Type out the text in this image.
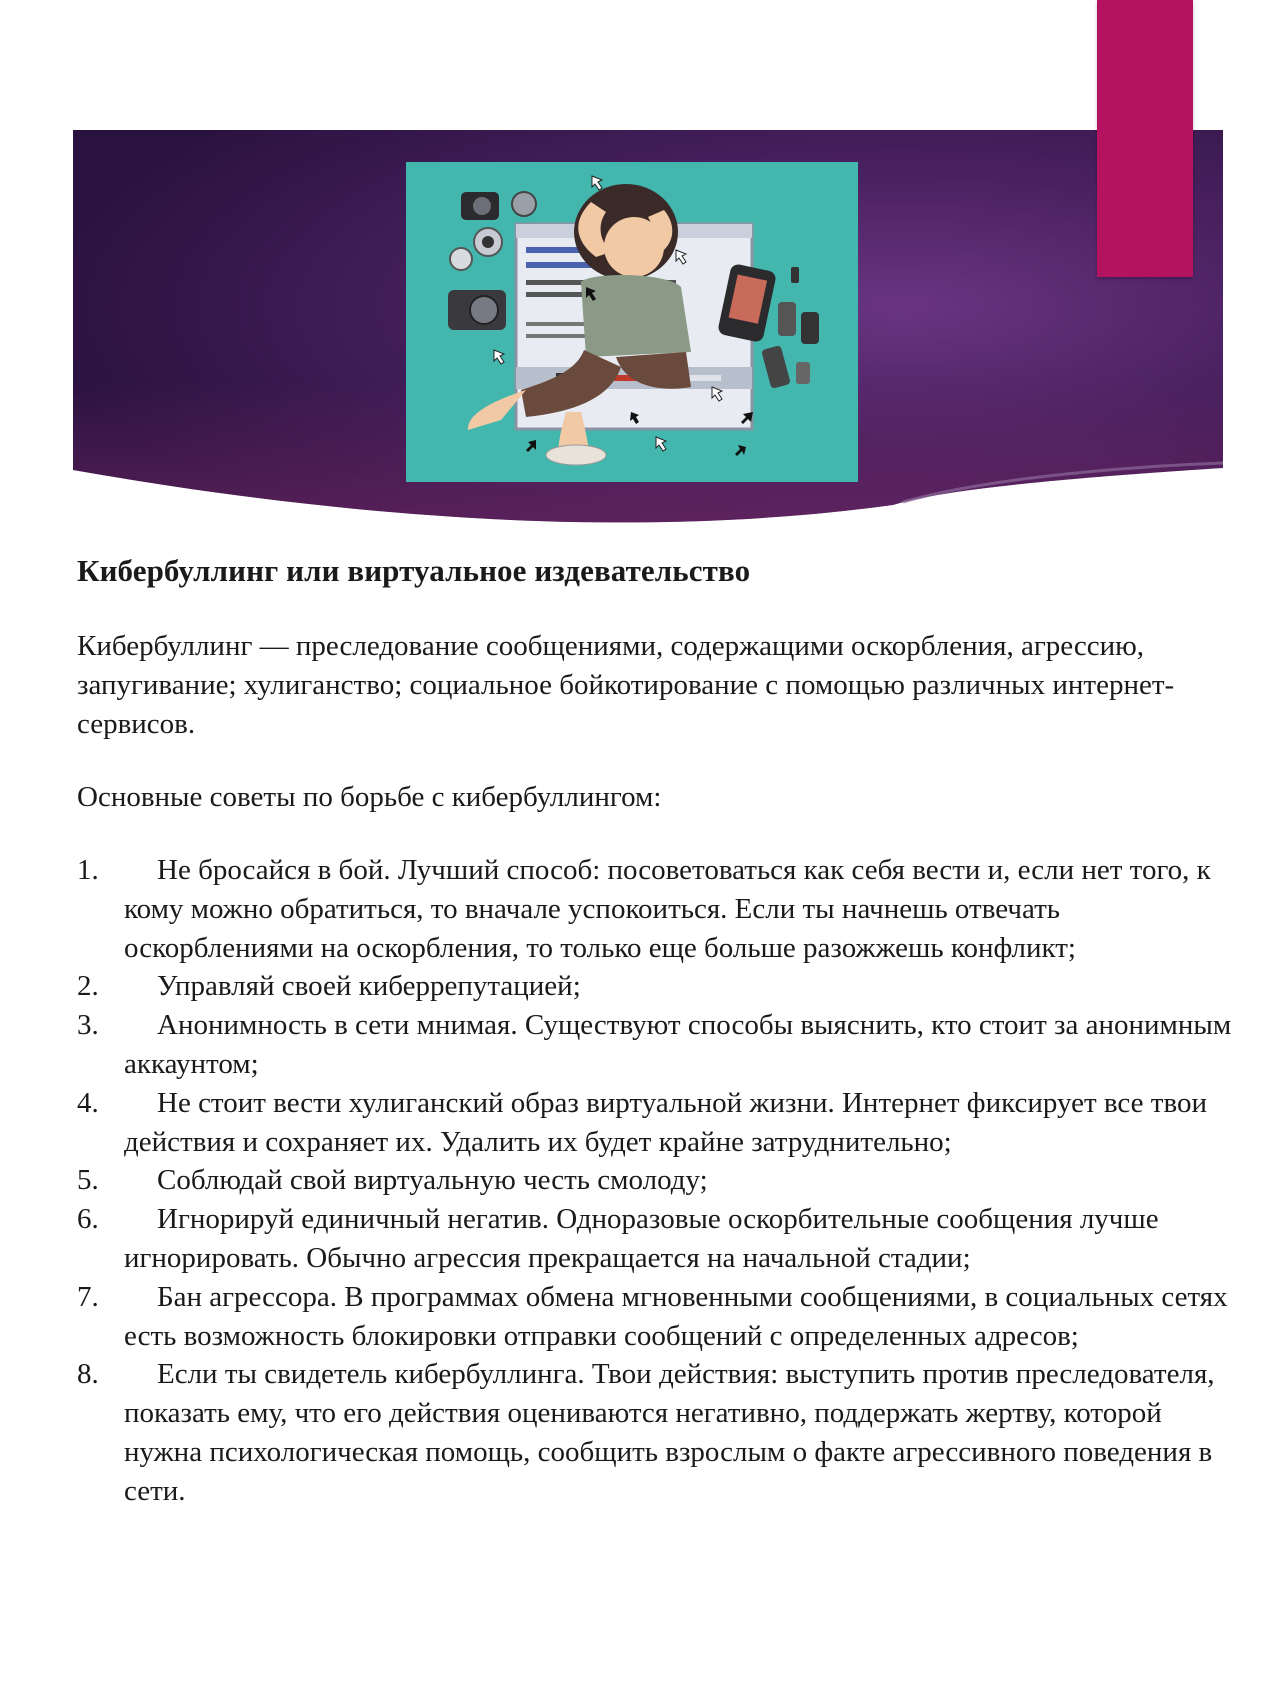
Кибербуллинг или виртуальное издевательство

Кибербуллинг — преследование сообщениями, содержащими оскорбления, агрессию, запугивание; хулиганство; социальное бойкотирование с помощью различных интернет-сервисов.

Основные советы по борьбе с кибербуллингом:

1.	Не бросайся в бой. Лучший способ: посоветоваться как себя вести и, если нет того, к кому можно обратиться, то вначале успокоиться. Если ты начнешь отвечать оскорблениями на оскорбления, то только еще больше разожжешь конфликт;
2.	Управляй своей киберрепутацией;
3.	Анонимность в сети мнимая. Существуют способы выяснить, кто стоит за анонимным аккаунтом;
4.	Не стоит вести хулиганский образ виртуальной жизни. Интернет фиксирует все твои действия и сохраняет их. Удалить их будет крайне затруднительно;
5.	Соблюдай свой виртуальную честь смолоду;
6.	Игнорируй единичный негатив. Одноразовые оскорбительные сообщения лучше игнорировать. Обычно агрессия прекращается на начальной стадии;
7.	Бан агрессора. В программах обмена мгновенными сообщениями, в социальных сетях есть возможность блокировки отправки сообщений с определенных адресов;
8.	Если ты свидетель кибербуллинга. Твои действия: выступить против преследователя, показать ему, что его действия оцениваются негативно, поддержать жертву, которой нужна психологическая помощь, сообщить взрослым о факте агрессивного поведения в сети.
